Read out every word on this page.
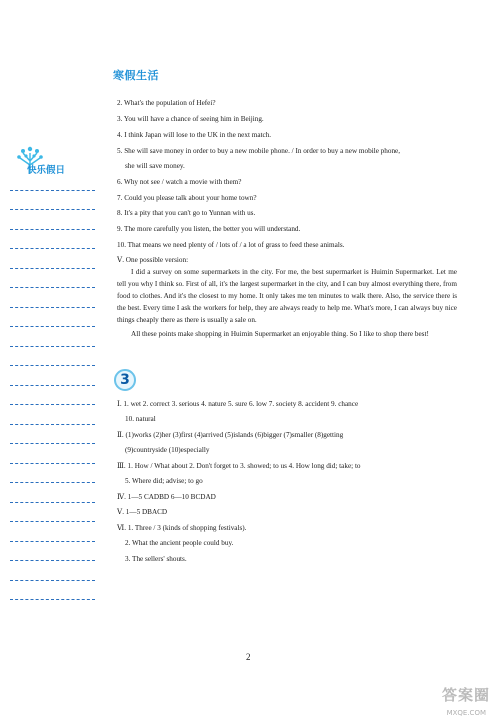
寒假生活
快乐假日
2. What's the population of Hefei?
3. You will have a chance of seeing him in Beijing.
4. I think Japan will lose to the UK in the next match.
5. She will save money in order to buy a new mobile phone. / In order to buy a new mobile phone,
she will save money.
6. Why not see / watch a movie with them?
7. Could you please talk about your home town?
8. It's a pity that you can't go to Yunnan with us.
9. The more carefully you listen, the better you will understand.
10. That means we need plenty of / lots of / a lot of grass to feed these animals.
Ⅴ. One possible version:

I did a survey on some supermarkets in the city. For me, the best supermarket is Huimin Supermarket. Let me tell you why I think so. First of all, it's the largest supermarket in the city, and I can buy almost everything there, from food to clothes. And it's the closest to my home. It only takes me ten minutes to walk there. Also, the service there is the best. Every time I ask the workers for help, they are always ready to help me. What's more, I can always buy nice things cheaply there as there is usually a sale on.

All these points make shopping in Huimin Supermarket an enjoyable thing. So I like to shop there best!

3
Ⅰ. 1. wet 2. correct 3. serious 4. nature 5. sure 6. low 7. society 8. accident 9. chance
10. natural
Ⅱ. (1)works (2)her (3)first (4)arrived (5)islands (6)bigger (7)smaller (8)getting
(9)countryside (10)especially
Ⅲ. 1. How / What about 2. Don't forget to 3. showed; to us 4. How long did; take; to
5. Where did; advise; to go
Ⅳ. 1—5 CADBD 6—10 BCDAD
Ⅴ. 1—5 DBACD
Ⅵ. 1. Three / 3 (kinds of shopping festivals).
2. What the ancient people could buy.
3. The sellers' shouts.
2
答案圈
MXQE.COM
